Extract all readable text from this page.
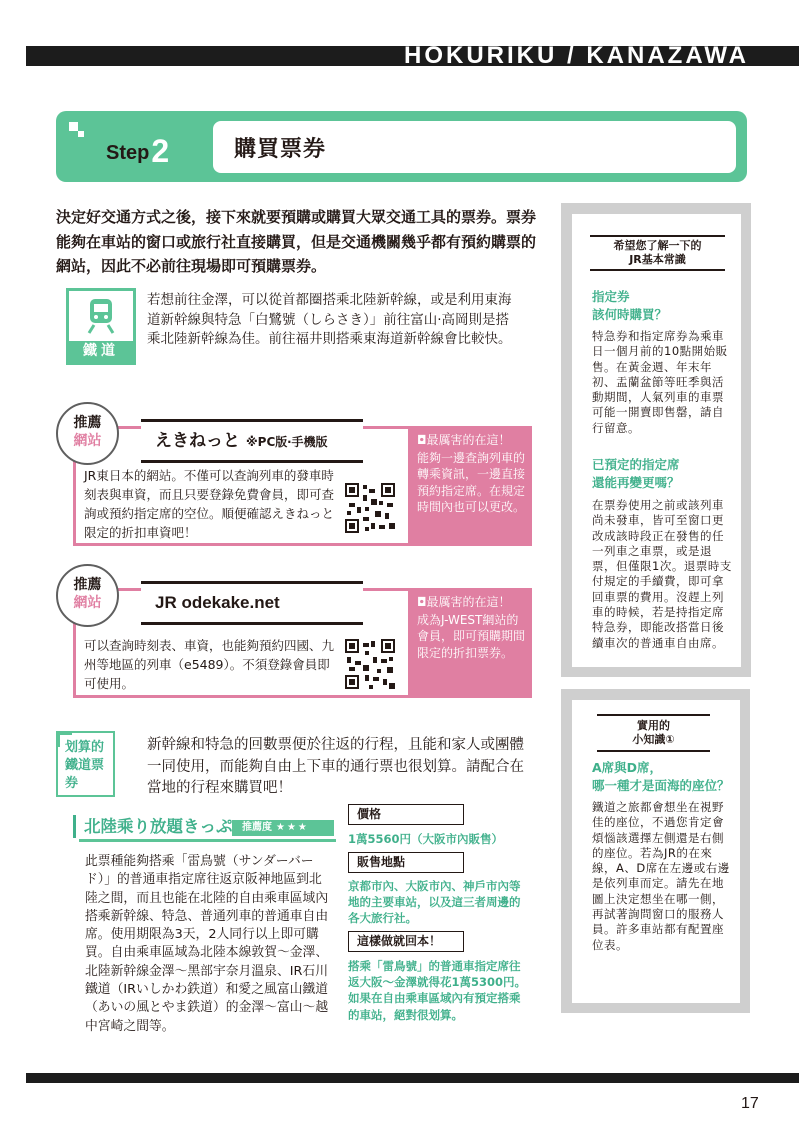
HOKURIKU / KANAZAWA
Step2	購買票券

決定好交通方式之後，接下來就要預購或購買大眾交通工具的票券。票券能夠在車站的窗口或旅行社直接購買，但是交通機關幾乎都有預約購票的網站，因此不必前往現場即可預購票券。

鐵道

若想前往金澤，可以從首都圈搭乘北陸新幹線，或是利用東海道新幹線與特急「白鷺號（しらさき）」前往富山‧高岡則是搭乘北陸新幹線為佳。前往福井則搭乘東海道新幹線會比較快。

推薦
網站	えきねっと ※PC版‧手機版

JR東日本的網站。不僅可以查詢列車的發車時刻表與車資，而且只要登錄免費會員，即可查詢或預約指定席的空位。順便確認えきねっと限定的折扣車資吧！

◘最厲害的在這！
能夠一邊查詢列車的轉乘資訊，一邊直接預約指定席。在規定時間內也可以更改。
推薦
網站	JR odekake.net

可以查詢時刻表、車資，也能夠預約四國、九州等地區的列車（e5489）。不須登錄會員即可使用。

◘最厲害的在這！
成為J-WEST網站的會員，即可預購期間限定的折扣票券。
希望您了解一下的
JR基本常識
指定券
該何時購買？

特急券和指定席券為乘車日一個月前的10點開始販售。在黃金週、年末年初、盂蘭盆節等旺季與活動期間，人氣列車的車票可能一開賣即售罄，請自行留意。

已預定的指定席
還能再變更嗎？

在票券使用之前或該列車尚未發車，皆可至窗口更改成該時段正在發售的任一列車之車票，或是退票，但僅限1次。退票時支付規定的手續費，即可拿回車票的費用。沒趕上列車的時候，若是持指定席特急券，即能改搭當日後續車次的普通車自由席。

實用的
小知識①
A席與D席，
哪一種才是面海的座位？

鐵道之旅都會想坐在視野佳的座位，不過您肯定會煩惱該選擇左側還是右側的座位。若為JR的在來線，A、D席在左邊或右邊是依列車而定。請先在地圖上決定想坐在哪一側，再試著詢問窗口的服務人員。許多車站都有配置座位表。

划算的鐵道票券

新幹線和特急的回數票便於往返的行程，且能和家人或團體一同使用，而能夠自由上下車的通行票也很划算。請配合在當地的行程來購買吧！

北陸乘り放題きっぷ 推薦度 ★★★

此票種能夠搭乘「雷鳥號（サンダーバード）」的普通車指定席往返京阪神地區到北陸之間，而且也能在北陸的自由乘車區域內搭乘新幹線、特急、普通列車的普通車自由席。使用期限為3天，2人同行以上即可購買。自由乘車區域為北陸本線敦賀～金澤、北陸新幹線金澤～黑部宇奈月溫泉、IR石川鐵道（IRいしかわ鉄道）和愛之風富山鐵道（あいの風とやま鉄道）的金澤～富山～越中宮崎之間等。

價格

1萬5560円（大阪市內販售）

販售地點

京都市內、大阪市內、神戶市內等地的主要車站，以及這三者周邊的各大旅行社。

這樣做就回本！

搭乘「雷鳥號」的普通車指定席往返大阪～金澤就得花1萬5300円。如果在自由乘車區域內有預定搭乘的車站，絕對很划算。

17
